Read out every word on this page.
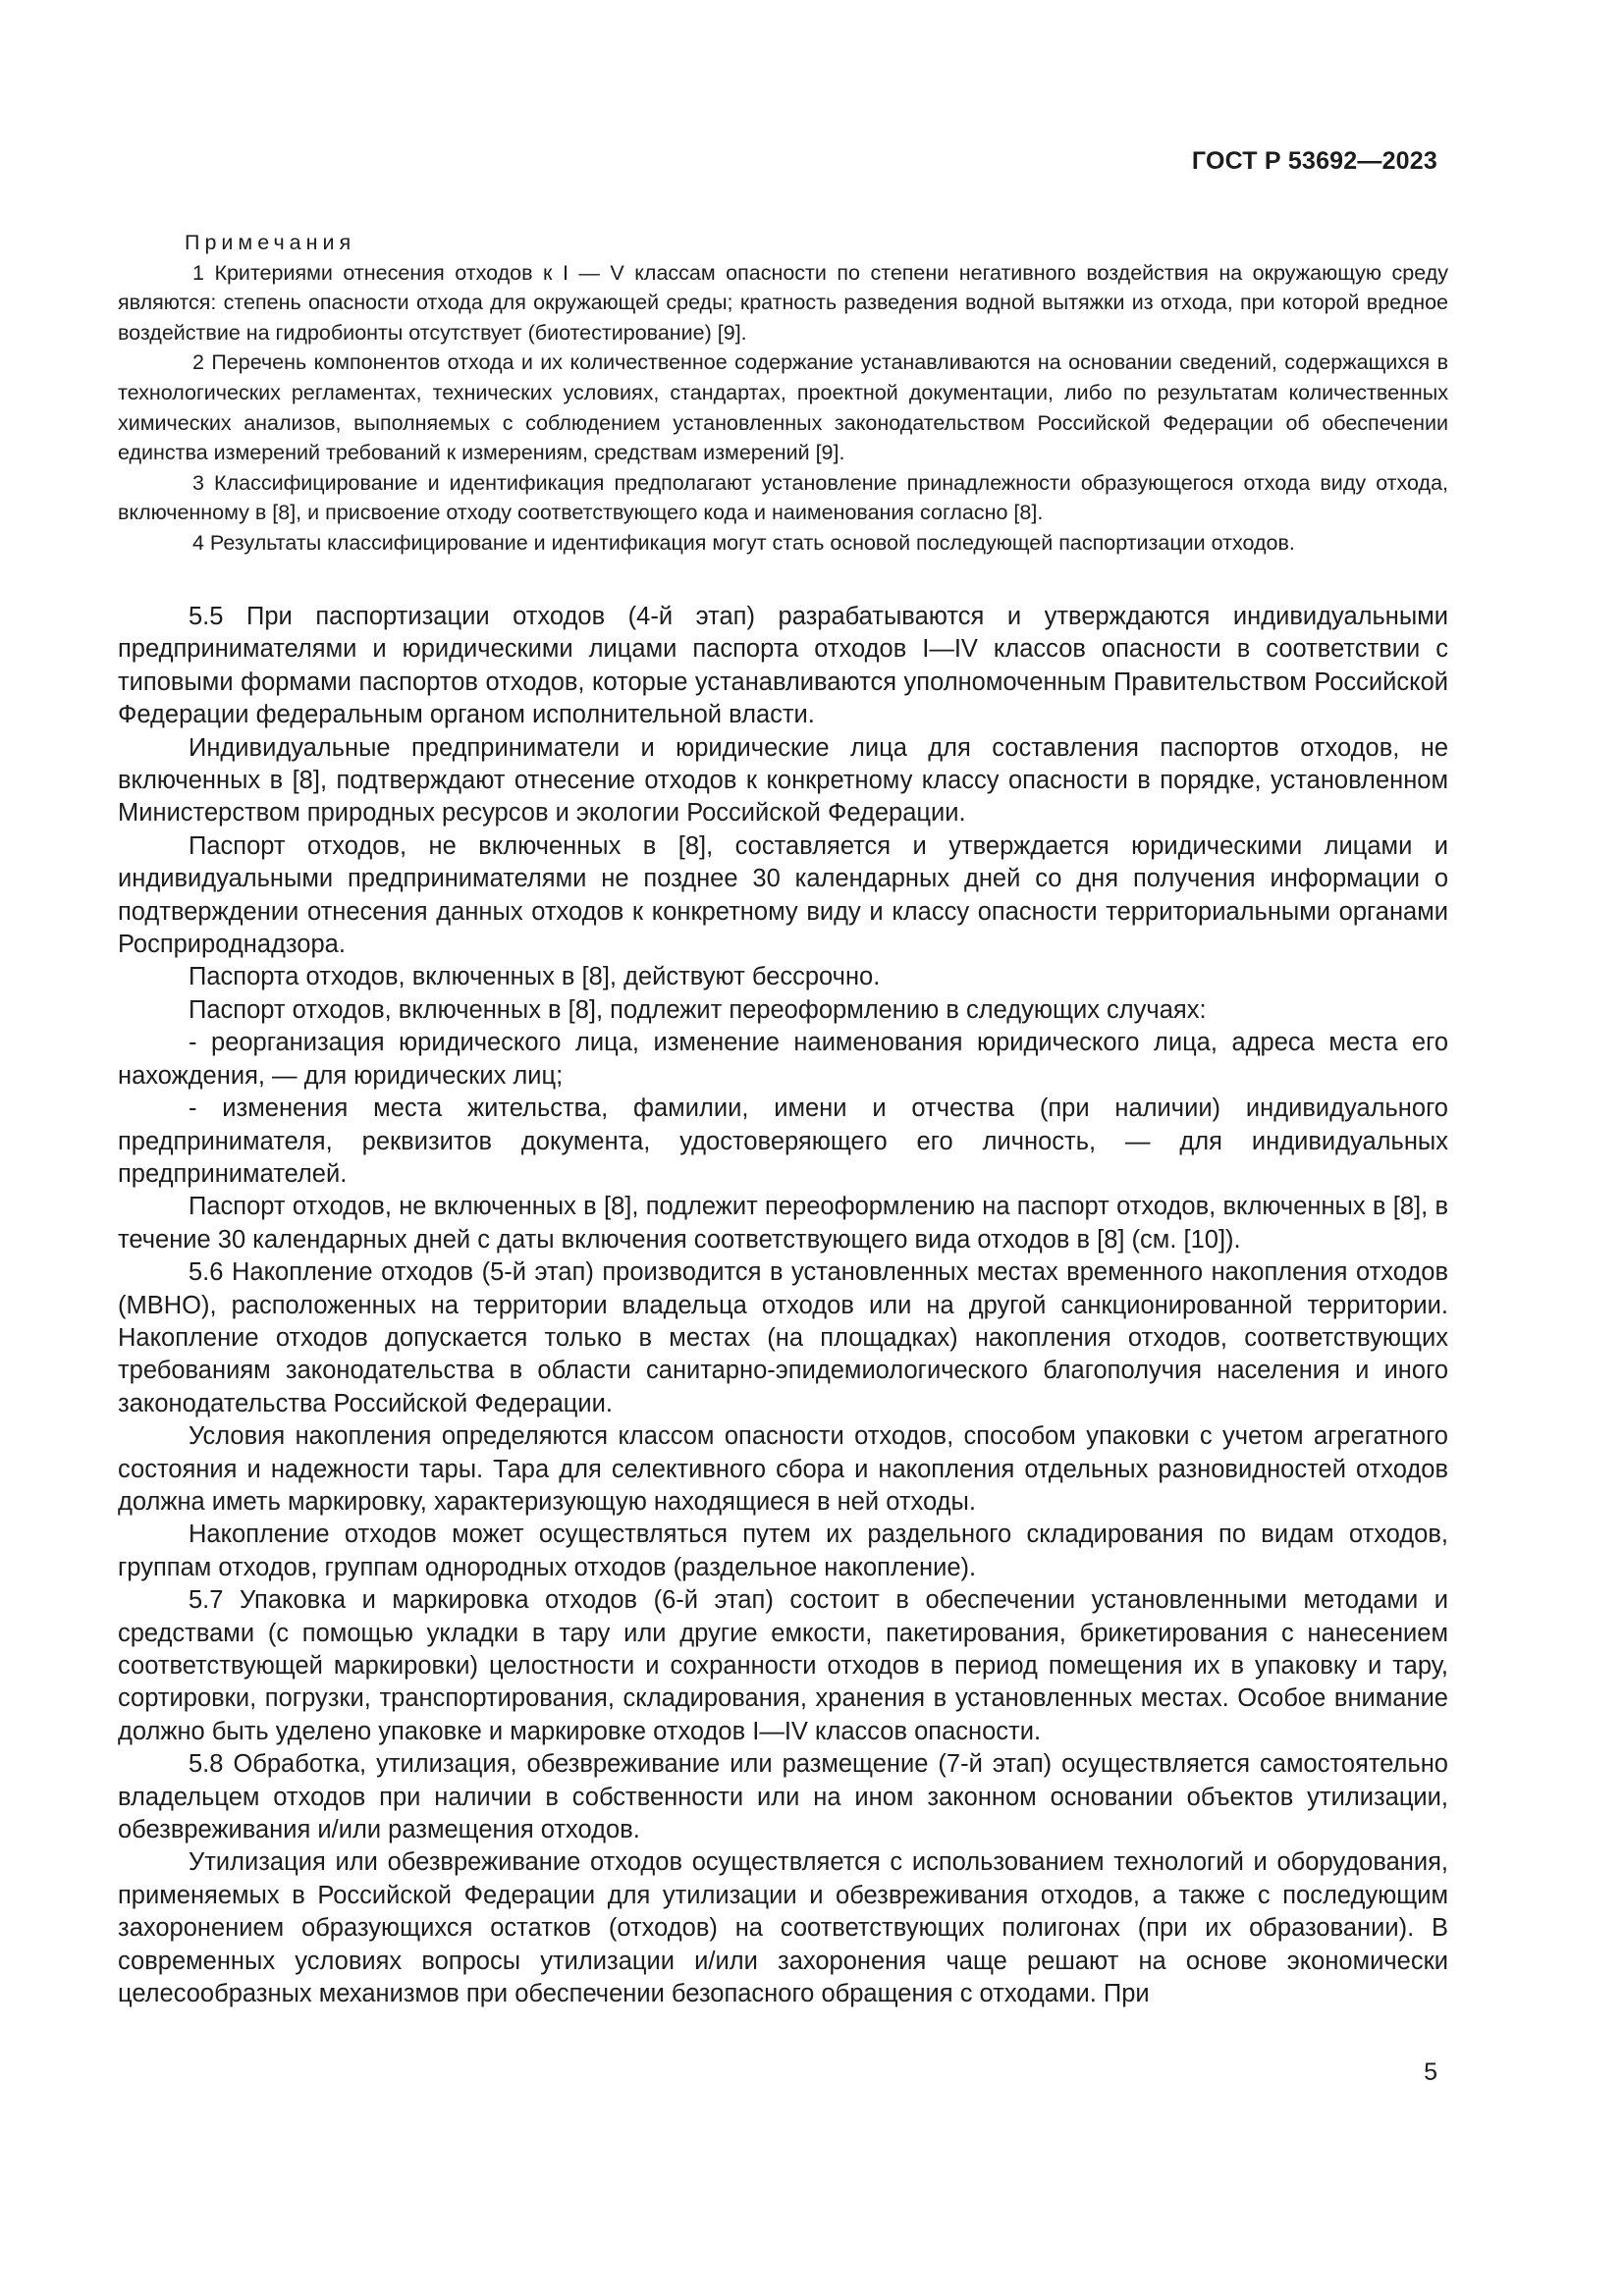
ГОСТ Р 53692—2023

Примечания

1 Критериями отнесения отходов к I — V классам опасности по степени негативного воздействия на окружающую среду являются: степень опасности отхода для окружающей среды; кратность разведения водной вытяжки из отхода, при которой вредное воздействие на гидробионты отсутствует (биотестирование) [9].

2 Перечень компонентов отхода и их количественное содержание устанавливаются на основании сведений, содержащихся в технологических регламентах, технических условиях, стандартах, проектной документации, либо по результатам количественных химических анализов, выполняемых с соблюдением установленных законодательством Российской Федерации об обеспечении единства измерений требований к измерениям, средствам измерений [9].

3 Классифицирование и идентификация предполагают установление принадлежности образующегося отхода виду отхода, включенному в [8], и присвоение отходу соответствующего кода и наименования согласно [8].

4 Результаты классифицирование и идентификация могут стать основой последующей паспортизации отходов.

5.5 При паспортизации отходов (4-й этап) разрабатываются и утверждаются индивидуальными предпринимателями и юридическими лицами паспорта отходов I—IV классов опасности в соответствии с типовыми формами паспортов отходов, которые устанавливаются уполномоченным Правительством Российской Федерации федеральным органом исполнительной власти.

Индивидуальные предприниматели и юридические лица для составления паспортов отходов, не включенных в [8], подтверждают отнесение отходов к конкретному классу опасности в порядке, установленном Министерством природных ресурсов и экологии Российской Федерации.

Паспорт отходов, не включенных в [8], составляется и утверждается юридическими лицами и индивидуальными предпринимателями не позднее 30 календарных дней со дня получения информации о подтверждении отнесения данных отходов к конкретному виду и классу опасности территориальными органами Росприроднадзора.

Паспорта отходов, включенных в [8], действуют бессрочно.

Паспорт отходов, включенных в [8], подлежит переоформлению в следующих случаях:

- реорганизация юридического лица, изменение наименования юридического лица, адреса места его нахождения, — для юридических лиц;

- изменения места жительства, фамилии, имени и отчества (при наличии) индивидуального предпринимателя, реквизитов документа, удостоверяющего его личность, — для индивидуальных предпринимателей.

Паспорт отходов, не включенных в [8], подлежит переоформлению на паспорт отходов, включенных в [8], в течение 30 календарных дней с даты включения соответствующего вида отходов в [8] (см. [10]).

5.6 Накопление отходов (5-й этап) производится в установленных местах временного накопления отходов (МВНО), расположенных на территории владельца отходов или на другой санкционированной территории. Накопление отходов допускается только в местах (на площадках) накопления отходов, соответствующих требованиям законодательства в области санитарно-эпидемиологического благополучия населения и иного законодательства Российской Федерации.

Условия накопления определяются классом опасности отходов, способом упаковки с учетом агрегатного состояния и надежности тары. Тара для селективного сбора и накопления отдельных разновидностей отходов должна иметь маркировку, характеризующую находящиеся в ней отходы.

Накопление отходов может осуществляться путем их раздельного складирования по видам отходов, группам отходов, группам однородных отходов (раздельное накопление).

5.7 Упаковка и маркировка отходов (6-й этап) состоит в обеспечении установленными методами и средствами (с помощью укладки в тару или другие емкости, пакетирования, брикетирования с нанесением соответствующей маркировки) целостности и сохранности отходов в период помещения их в упаковку и тару, сортировки, погрузки, транспортирования, складирования, хранения в установленных местах. Особое внимание должно быть уделено упаковке и маркировке отходов I—IV классов опасности.

5.8 Обработка, утилизация, обезвреживание или размещение (7-й этап) осуществляется самостоятельно владельцем отходов при наличии в собственности или на ином законном основании объектов утилизации, обезвреживания и/или размещения отходов.

Утилизация или обезвреживание отходов осуществляется с использованием технологий и оборудования, применяемых в Российской Федерации для утилизации и обезвреживания отходов, а также с последующим захоронением образующихся остатков (отходов) на соответствующих полигонах (при их образовании). В современных условиях вопросы утилизации и/или захоронения чаще решают на основе экономически целесообразных механизмов при обеспечении безопасного обращения с отходами. При

5
